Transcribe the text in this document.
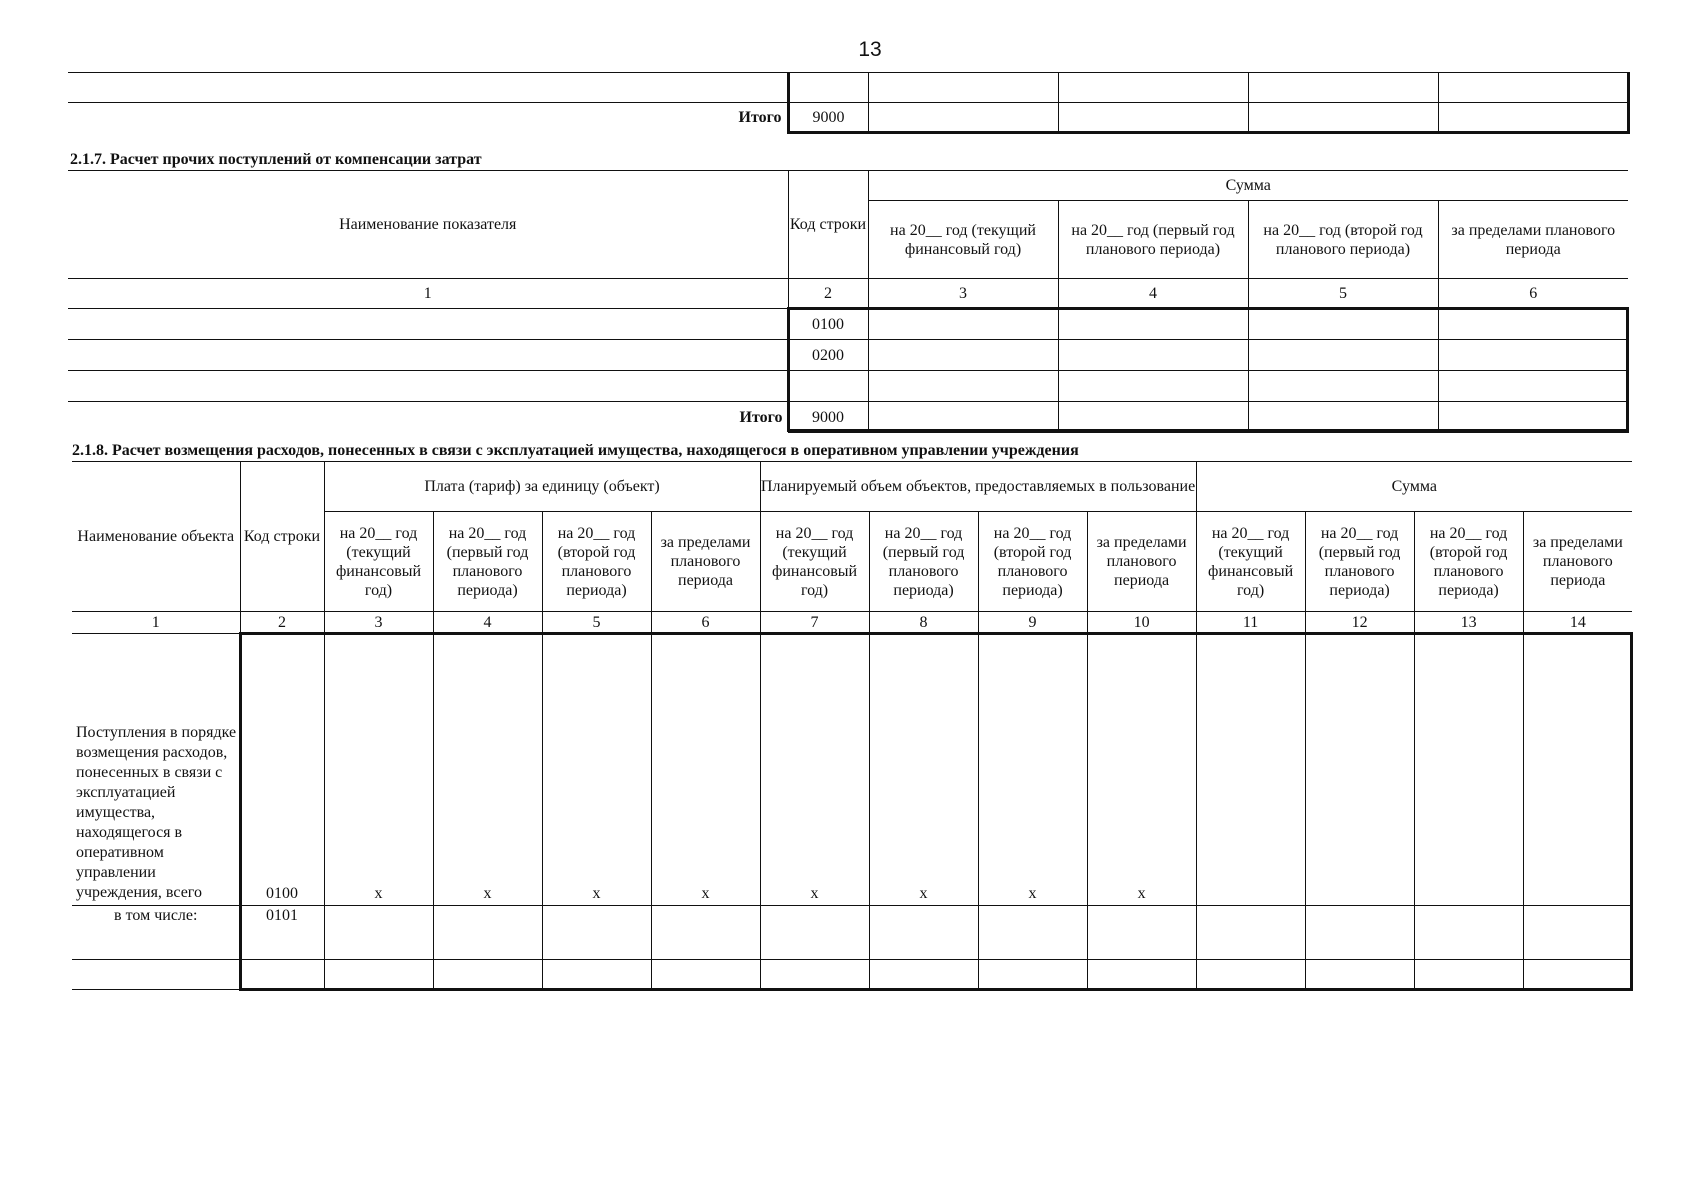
13

Итого	9000				
2.1.7. Расчет прочих поступлений от компенсации затрат
Наименование показателя	Код строки	Сумма			
		на 20__ год (текущий финансовый год)	на 20__ год (первый год планового периода)	на 20__ год (второй год планового периода)	за пределами планового периода
1	2	3	4	5	6
	0100				
	0200				

Итого	9000				
2.1.8. Расчет возмещения расходов, понесенных в связи с эксплуатацией имущества, находящегося в оперативном управлении учреждения
Наименование объекта	Код строки	Плата (тариф) за единицу (объект)				Планируемый объем объектов, предоставляемых в пользование				Сумма			
		на 20__ год (текущий финансовый год)	на 20__ год (первый год планового периода)	на 20__ год (второй год планового периода)	за пределами планового периода	на 20__ год (текущий финансовый год)	на 20__ год (первый год планового периода)	на 20__ год (второй год планового периода)	за пределами планового периода	на 20__ год (текущий финансовый год)	на 20__ год (первый год планового периода)	на 20__ год (второй год планового периода)	за пределами планового периода
1	2	3	4	5	6	7	8	9	10	11	12	13	14
Поступления в порядке возмещения расходов, понесенных в связи с эксплуатацией имущества, находящегося в оперативном управлении учреждения, всего	0100	x	x	x	x	x	x	x	x				
в том числе:	0101												
